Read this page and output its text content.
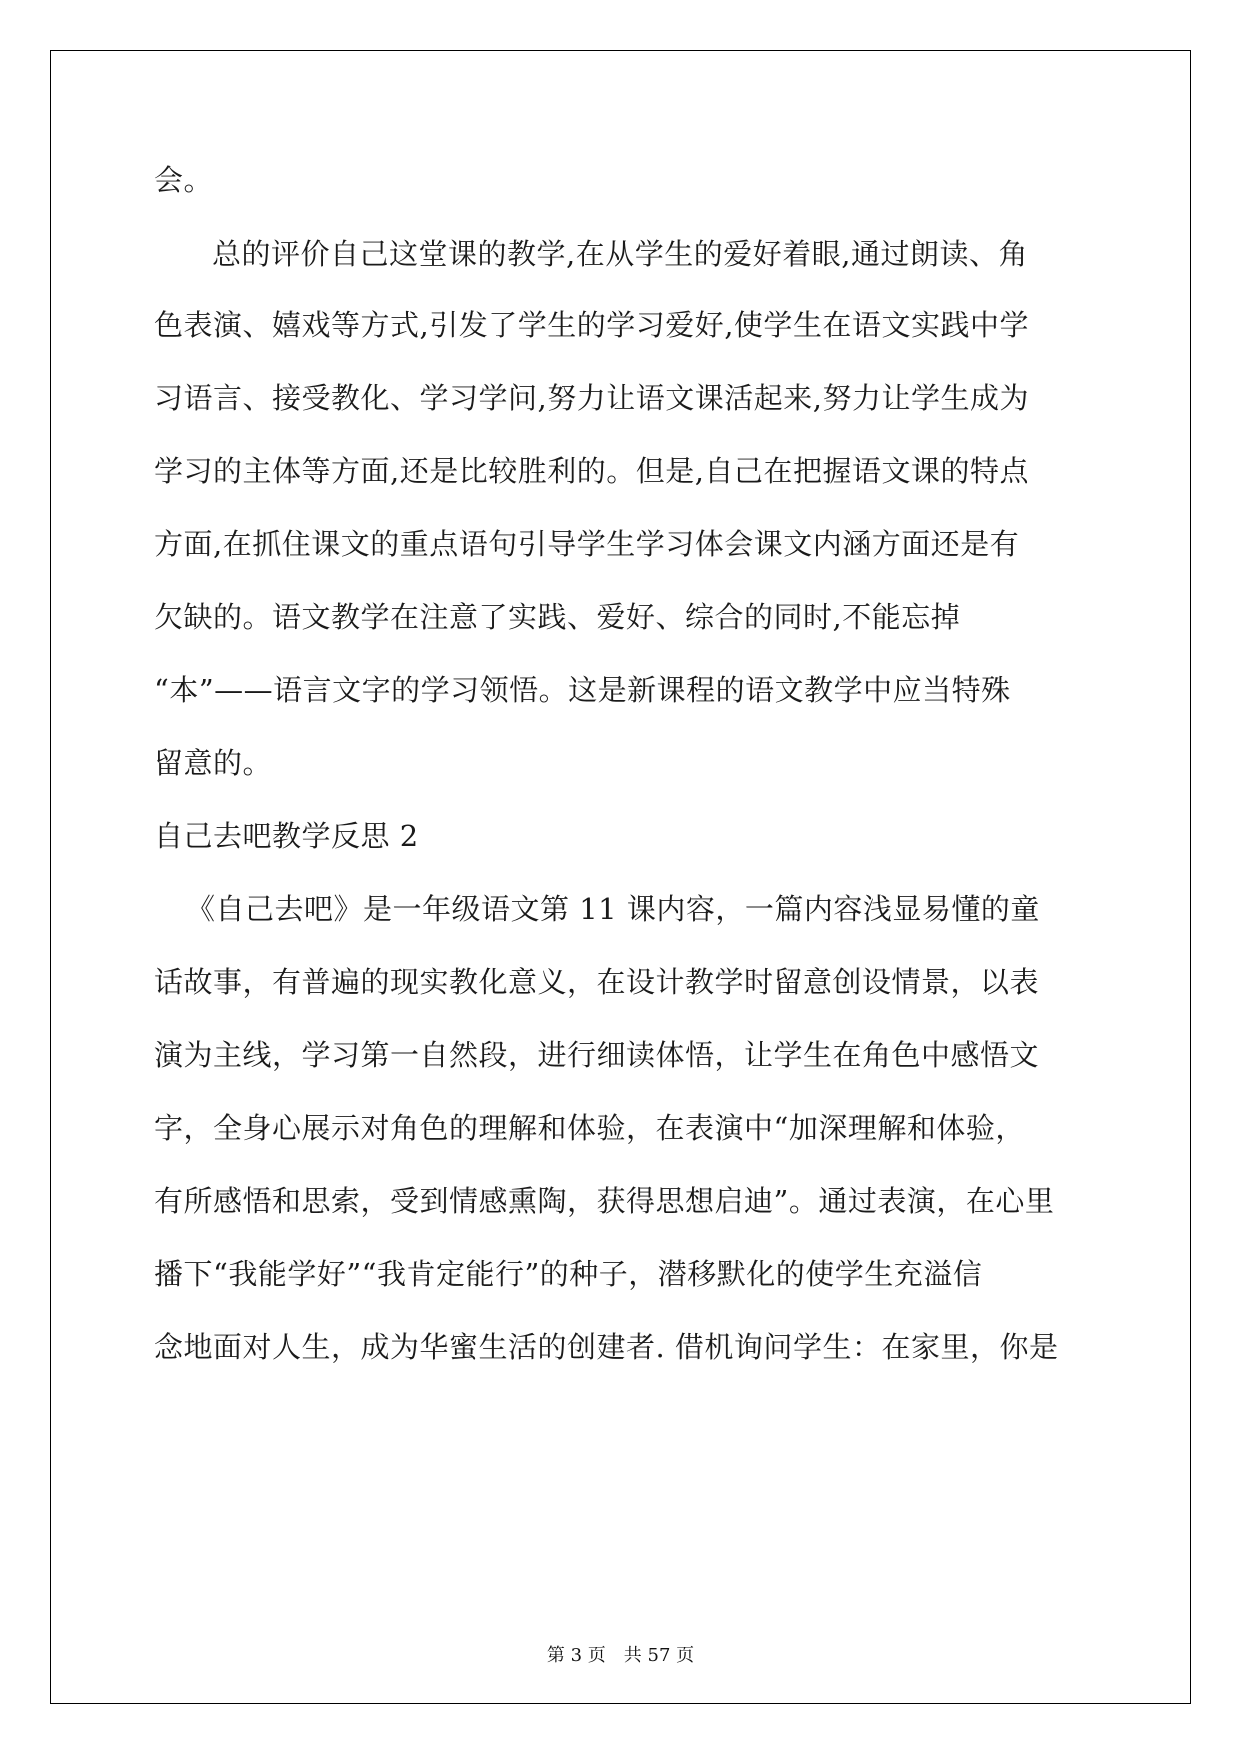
会。
总的评价自己这堂课的教学,在从学生的爱好着眼,通过朗读、角
色表演、嬉戏等方式,引发了学生的学习爱好,使学生在语文实践中学
习语言、接受教化、学习学问,努力让语文课活起来,努力让学生成为
学习的主体等方面,还是比较胜利的。但是,自己在把握语文课的特点
方面,在抓住课文的重点语句引导学生学习体会课文内涵方面还是有
欠缺的。语文教学在注意了实践、爱好、综合的同时,不能忘掉
“本”——语言文字的学习领悟。这是新课程的语文教学中应当特殊
留意的。
自己去吧教学反思 2
《自己去吧》是一年级语文第 11 课内容，一篇内容浅显易懂的童
话故事，有普遍的现实教化意义，在设计教学时留意创设情景，以表
演为主线，学习第一自然段，进行细读体悟，让学生在角色中感悟文
字，全身心展示对角色的理解和体验，在表演中“加深理解和体验，
有所感悟和思索，受到情感熏陶，获得思想启迪”。通过表演，在心里
播下“我能学好”“我肯定能行”的种子，潜移默化的使学生充溢信
念地面对人生，成为华蜜生活的创建者. 借机询问学生：在家里，你是
第 3 页　共 57 页
